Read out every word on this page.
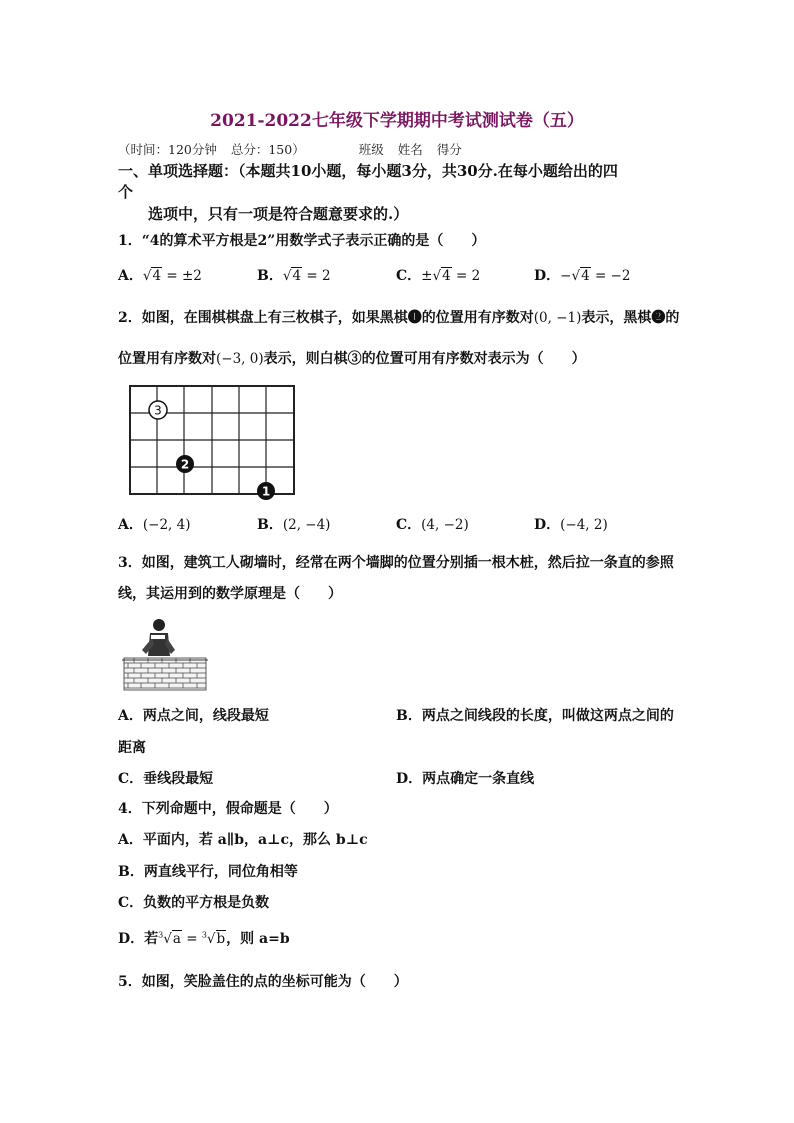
2021-2022七年级下学期期中考试测试卷（五）
（时间：120分钟 总分：150）	班级 姓名 得分
一、单项选择题：（本题共10小题，每小题3分，共30分.在每小题给出的四
个
选项中，只有一项是符合题意要求的.）
1．“4的算术平方根是2”用数学式子表示正确的是（　　）
A．√4 = ±2	B．√4 = 2	C．±√4 = 2	D．−√4 = −2
2．如图，在围棋棋盘上有三枚棋子，如果黑棋❶的位置用有序数对(0, −1)表示，黑棋❷的
位置用有序数对(−3, 0)表示，则白棋③的位置可用有序数对表示为（　　）
3
2
1
A．(−2, 4)	B．(2, −4)	C．(4, −2)	D．(−4, 2)
3．如图，建筑工人砌墙时，经常在两个墙脚的位置分别插一根木桩，然后拉一条直的参照
线，其运用到的数学原理是（　　）
A．两点之间，线段最短	B．两点之间线段的长度，叫做这两点之间的
距离
C．垂线段最短	D．两点确定一条直线
4．下列命题中，假命题是（　　）
A．平面内，若 a∥b，a⊥c，那么 b⊥c
B．两直线平行，同位角相等
C．负数的平方根是负数
D．若$^3$√a = $^3$√b，则 a=b
5．如图，笑脸盖住的点的坐标可能为（　　）
